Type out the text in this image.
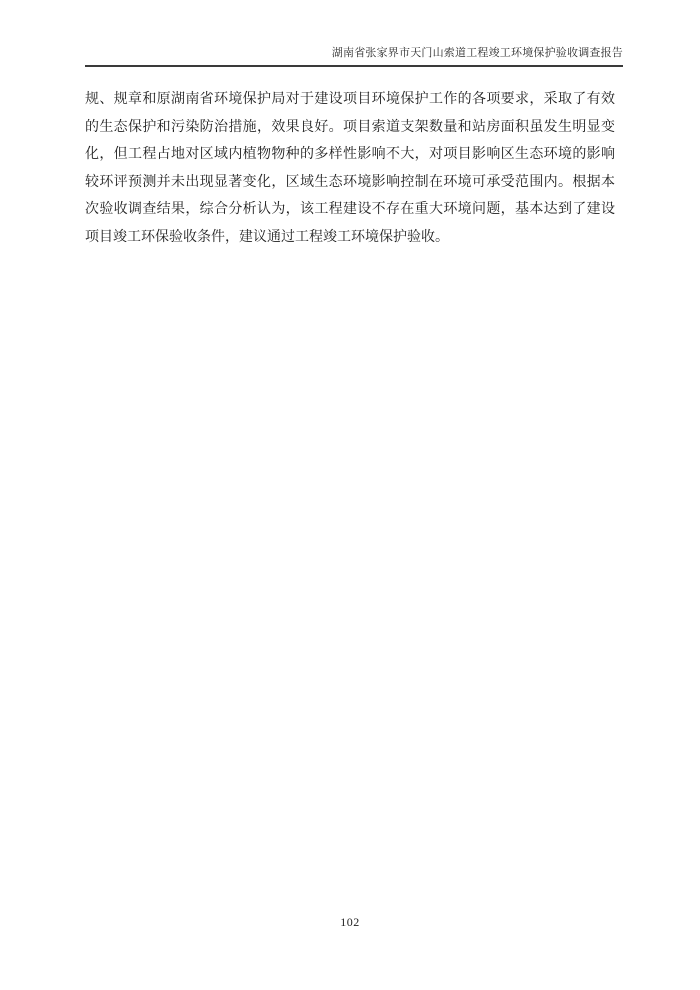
湖南省张家界市天门山索道工程竣工环境保护验收调查报告
规、规章和原湖南省环境保护局对于建设项目环境保护工作的各项要求，采取了有效
的生态保护和污染防治措施，效果良好。项目索道支架数量和站房面积虽发生明显变
化，但工程占地对区域内植物物种的多样性影响不大，对项目影响区生态环境的影响
较环评预测并未出现显著变化，区域生态环境影响控制在环境可承受范围内。根据本
次验收调查结果，综合分析认为，该工程建设不存在重大环境问题，基本达到了建设
项目竣工环保验收条件，建议通过工程竣工环境保护验收。
102
